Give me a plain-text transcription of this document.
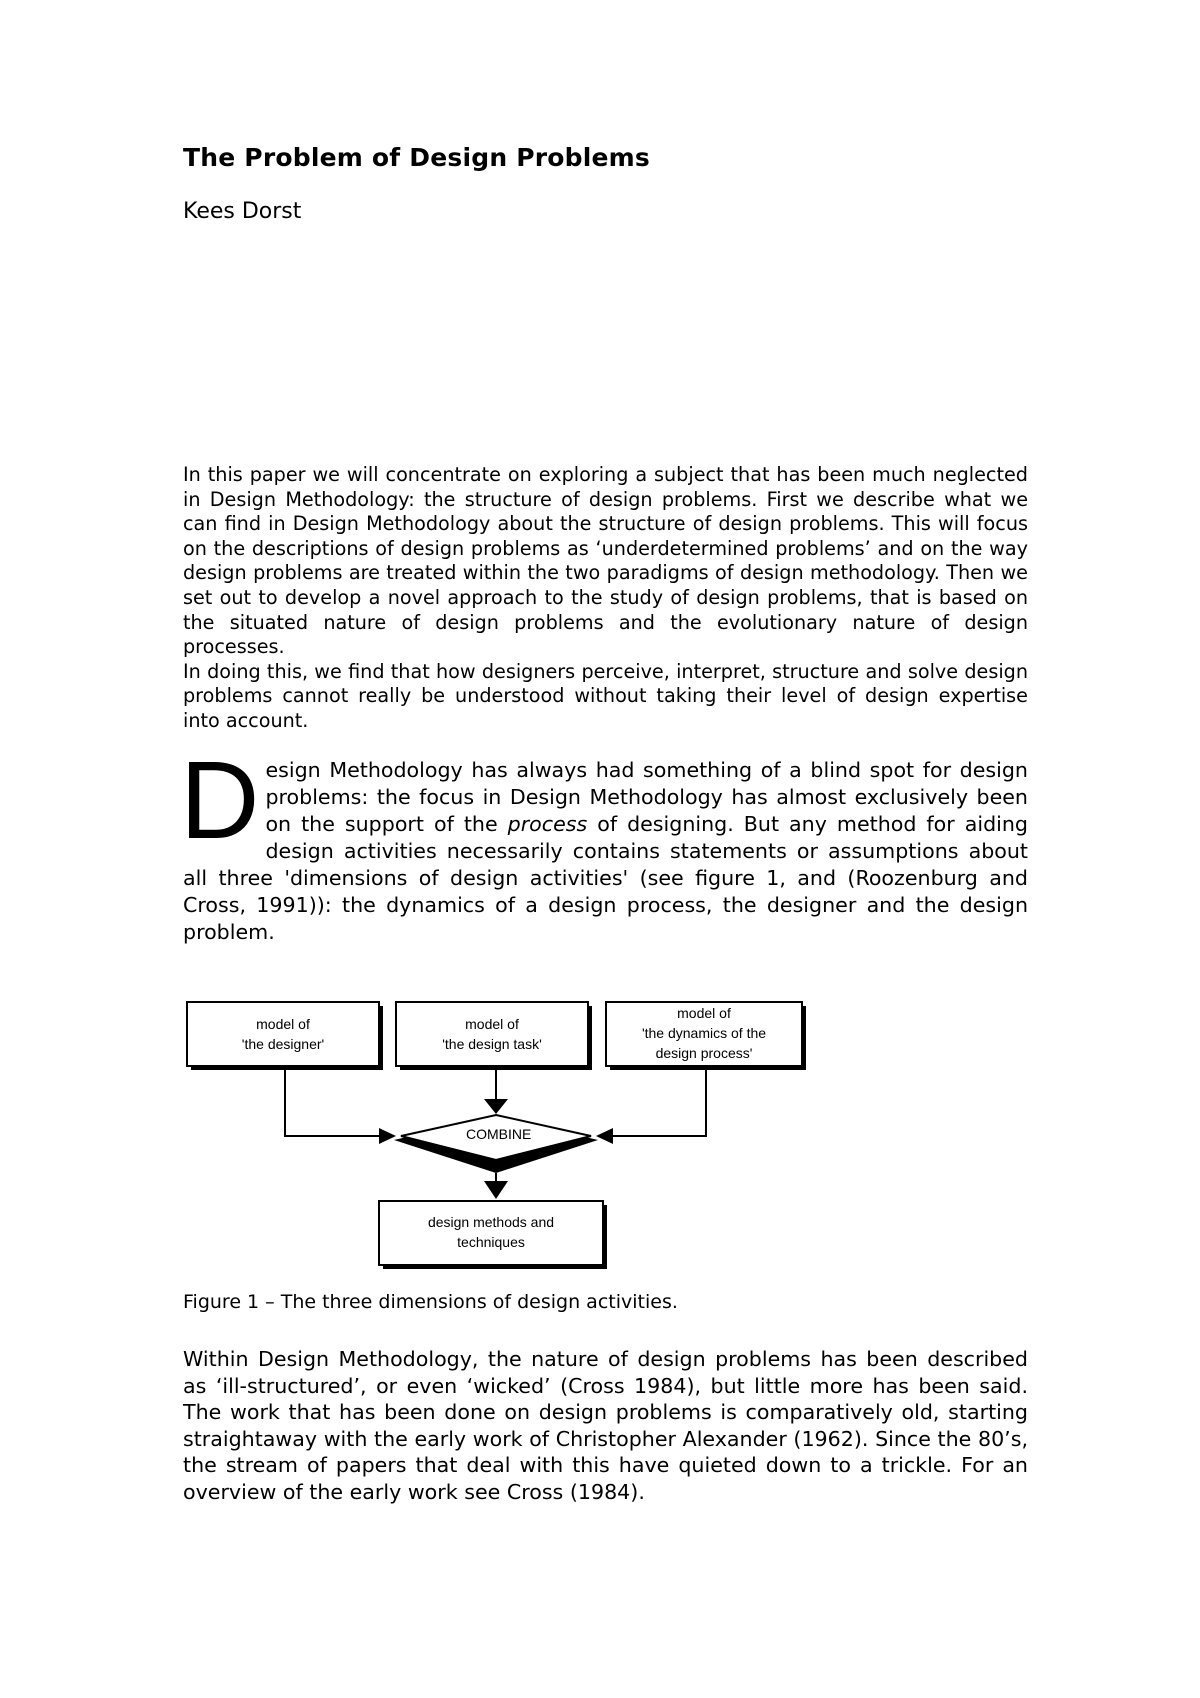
The Problem of Design Problems
Kees Dorst

In this paper we will concentrate on exploring a subject that has been much neglected in Design Methodology: the structure of design problems. First we describe what we can find in Design Methodology about the structure of design problems. This will focus on the descriptions of design problems as ‘underdetermined problems’ and on the way design problems are treated within the two paradigms of design methodology. Then we set out to develop a novel approach to the study of design problems, that is based on the situated nature of design problems and the evolutionary nature of design processes.

In doing this, we find that how designers perceive, interpret, structure and solve design problems cannot really be understood without taking their level of design expertise into account.

Design Methodology has always had something of a blind spot for design problems: the focus in Design Methodology has almost exclusively been on the support of the process of designing. But any method for aiding design activities necessarily contains statements or assumptions about all three 'dimensions of design activities' (see figure 1, and (Roozenburg and Cross, 1991)): the dynamics of a design process, the designer and the design problem.

model of
'the designer'
model of
'the design task'
model of
'the dynamics of the
design process'
COMBINE
design methods and
techniques
Figure 1 – The three dimensions of design activities.

Within Design Methodology, the nature of design problems has been described as ‘ill-structured’, or even ‘wicked’ (Cross 1984), but little more has been said. The work that has been done on design problems is comparatively old, starting straightaway with the early work of Christopher Alexander (1962). Since the 80’s, the stream of papers that deal with this have quieted down to a trickle. For an overview of the early work see Cross (1984).
